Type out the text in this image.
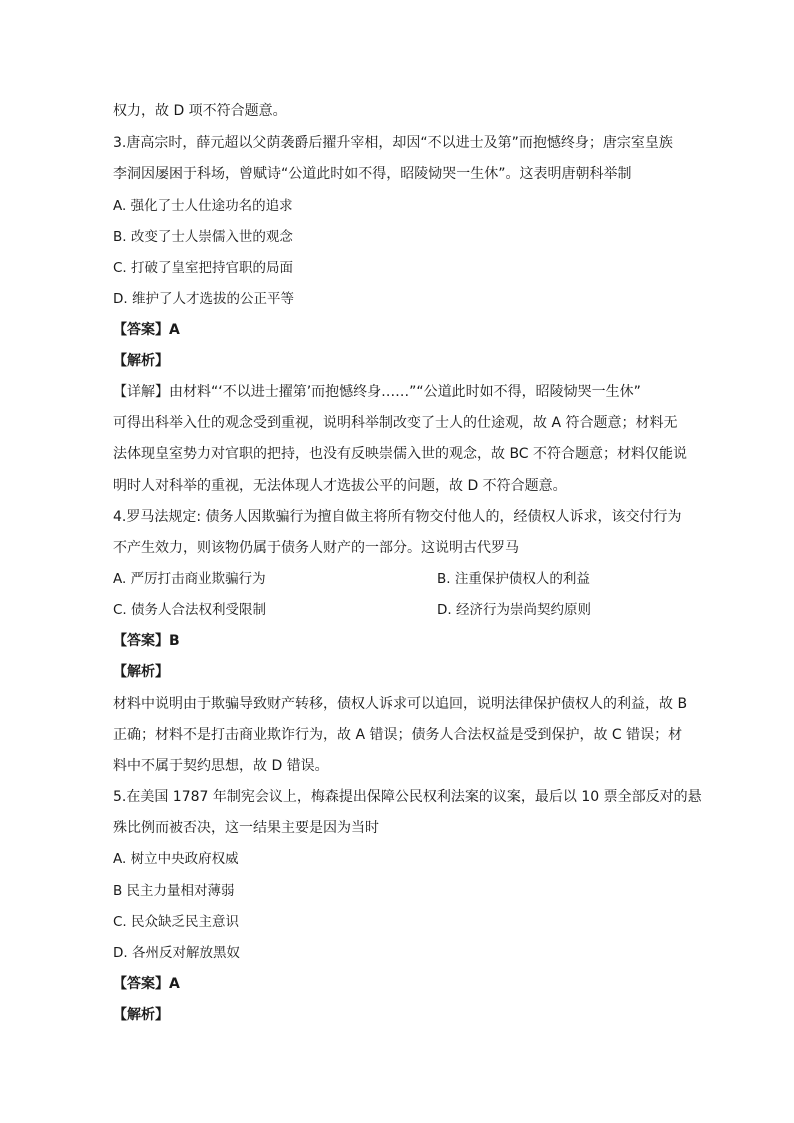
权力，故 D 项不符合题意。
3.唐高宗时，薛元超以父荫袭爵后擢升宰相，却因“不以进士及第”而抱憾终身；唐宗室皇族
李洞因屡困于科场，曾赋诗“公道此时如不得，昭陵恸哭一生休”。这表明唐朝科举制
A. 强化了士人仕途功名的追求
B. 改变了士人崇儒入世的观念
C. 打破了皇室把持官职的局面
D. 维护了人才选拔的公正平等
【答案】A
【解析】
【详解】由材料“‘不以进士擢第’而抱憾终身……”“公道此时如不得，昭陵恸哭一生休”
可得出科举入仕的观念受到重视，说明科举制改变了士人的仕途观，故 A 符合题意；材料无
法体现皇室势力对官职的把持，也没有反映崇儒入世的观念，故 BC 不符合题意；材料仅能说
明时人对科举的重视，无法体现人才选拔公平的问题，故 D 不符合题意。
4.罗马法规定: 债务人因欺骗行为擅自做主将所有物交付他人的，经债权人诉求，该交付行为
不产生效力，则该物仍属于债务人财产的一部分。这说明古代罗马
A. 严厉打击商业欺骗行为	B. 注重保护债权人的利益
C. 债务人合法权利受限制	D. 经济行为崇尚契约原则
【答案】B
【解析】
材料中说明由于欺骗导致财产转移，债权人诉求可以追回，说明法律保护债权人的利益，故 B
正确；材料不是打击商业欺诈行为，故 A 错误；债务人合法权益是受到保护，故 C 错误；材
料中不属于契约思想，故 D 错误。
5.在美国 1787 年制宪会议上，梅森提出保障公民权利法案的议案，最后以 10 票全部反对的悬
殊比例而被否决，这一结果主要是因为当时
A. 树立中央政府权威
B 民主力量相对薄弱
C. 民众缺乏民主意识
D. 各州反对解放黑奴
【答案】A
【解析】
